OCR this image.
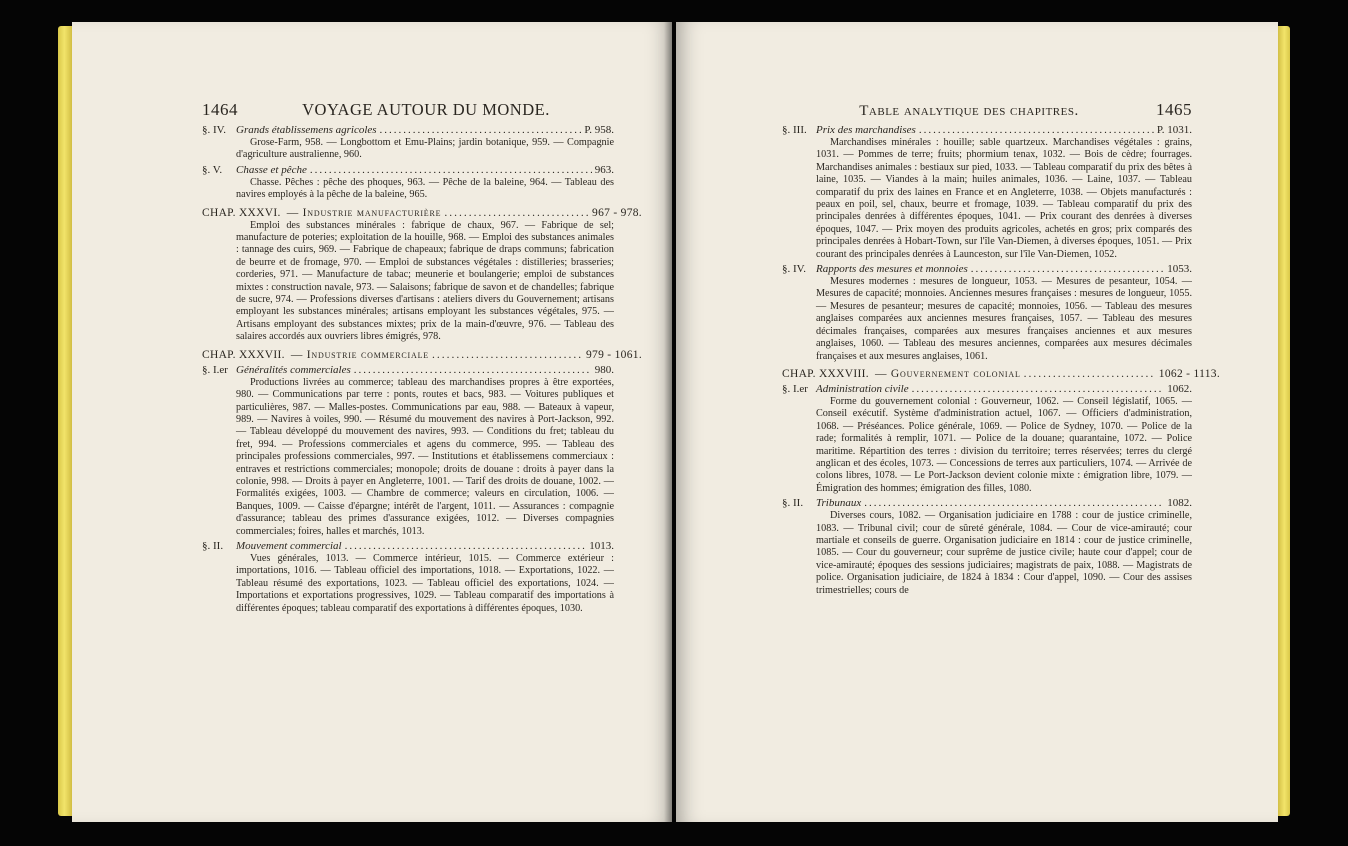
1464	VOYAGE AUTOUR DU MONDE.
§. IV. Grands établissemens agricoles .....	P. 958.

Grose-Farm, 958. — Longbottom et Emu-Plains; jardin botanique, 959. — Compagnie d'agriculture australienne, 960.

§. V.	Chasse et pêche .....	963.

Chasse. Pêches : pêche des phoques, 963. — Pêche de la baleine, 964. — Tableau des navires employés à la pêche de la baleine, 965.

CHAP. XXXVI. — Industrie manufacturière .....	967 - 978.

Emploi des substances minérales : fabrique de chaux, 967. — Fabrique de sel; manufacture de poteries; exploitation de la houille, 968. — Emploi des substances animales : tannage des cuirs, 969. — Fabrique de chapeaux; fabrique de draps communs; fabrication de beurre et de fromage, 970. — Emploi de substances végétales : distilleries; brasseries; corderies, 971. — Manufacture de tabac; meunerie et boulangerie; emploi de substances mixtes : construction navale, 973. — Salaisons; fabrique de savon et de chandelles; fabrique de sucre, 974. — Professions diverses d'artisans : ateliers divers du Gouvernement; artisans employant les substances minérales; artisans employant les substances végétales, 975. — Artisans employant des substances mixtes; prix de la main-d'œuvre, 976. — Tableau des salaires accordés aux ouvriers libres émigrés, 978.

CHAP. XXXVII. — Industrie commerciale .....	979 - 1061.
§. I.er Généralités commerciales .....	980.

Productions livrées au commerce; tableau des marchandises propres à être exportées, 980. — Communications par terre : ponts, routes et bacs, 983. — Voitures publiques et particulières, 987. — Malles-postes. Communications par eau, 988. — Bateaux à vapeur, 989. — Navires à voiles, 990. — Résumé du mouvement des navires à Port-Jackson, 992. — Tableau développé du mouvement des navires, 993. — Conditions du fret; tableau du fret, 994. — Professions commerciales et agens du commerce, 995. — Tableau des principales professions commerciales, 997. — Institutions et établissemens commerciaux : entraves et restrictions commerciales; monopole; droits de douane : droits à payer dans la colonie, 998. — Droits à payer en Angleterre, 1001. — Tarif des droits de douane, 1002. — Formalités exigées, 1003. — Chambre de commerce; valeurs en circulation, 1006. — Banques, 1009. — Caisse d'épargne; intérêt de l'argent, 1011. — Assurances : compagnie d'assurance; tableau des primes d'assurance exigées, 1012. — Diverses compagnies commerciales; foires, halles et marchés, 1013.

§. II.	Mouvement commercial .....	1013.

Vues générales, 1013. — Commerce intérieur, 1015. — Commerce extérieur : importations, 1016. — Tableau officiel des importations, 1018. — Exportations, 1022. — Tableau résumé des exportations, 1023. — Tableau officiel des exportations, 1024. — Importations et exportations progressives, 1029. — Tableau comparatif des importations à différentes époques; tableau comparatif des exportations à différentes époques, 1030.

Table analytique des chapitres.	1465
§. III. Prix des marchandises .....	P. 1031.

Marchandises minérales : houille; sable quartzeux. Marchandises végétales : grains, 1031. — Pommes de terre; fruits; phormium tenax, 1032. — Bois de cèdre; fourrages. Marchandises animales : bestiaux sur pied, 1033. — Tableau comparatif du prix des bêtes à laine, 1035. — Viandes à la main; huiles animales, 1036. — Laine, 1037. — Tableau comparatif du prix des laines en France et en Angleterre, 1038. — Objets manufacturés : peaux en poil, sel, chaux, beurre et fromage, 1039. — Tableau comparatif du prix des principales denrées à différentes époques, 1041. — Prix courant des denrées à diverses époques, 1047. — Prix moyen des produits agricoles, achetés en gros; prix comparés des principales denrées à Hobart-Town, sur l'île Van-Diemen, à diverses époques, 1051. — Prix courant des principales denrées à Launceston, sur l'île Van-Diemen, 1052.

§. IV. Rapports des mesures et monnoies .....	1053.

Mesures modernes : mesures de longueur, 1053. — Mesures de pesanteur, 1054. — Mesures de capacité; monnoies. Anciennes mesures françaises : mesures de longueur, 1055. — Mesures de pesanteur; mesures de capacité; monnoies, 1056. — Tableau des mesures anglaises comparées aux anciennes mesures françaises, 1057. — Tableau des mesures décimales françaises, comparées aux mesures françaises anciennes et aux mesures anglaises, 1060. — Tableau des mesures anciennes, comparées aux mesures décimales françaises et aux mesures anglaises, 1061.

CHAP. XXXVIII. — Gouvernement colonial .....	1062 - 1113.
§. I.er Administration civile .....	1062.

Forme du gouvernement colonial : Gouverneur, 1062. — Conseil législatif, 1065. — Conseil exécutif. Système d'administration actuel, 1067. — Officiers d'administration, 1068. — Préséances. Police générale, 1069. — Police de Sydney, 1070. — Police de la rade; formalités à remplir, 1071. — Police de la douane; quarantaine, 1072. — Police maritime. Répartition des terres : division du territoire; terres réservées; terres du clergé anglican et des écoles, 1073. — Concessions de terres aux particuliers, 1074. — Arrivée de colons libres, 1078. — Le Port-Jackson devient colonie mixte : émigration libre, 1079. — Émigration des hommes; émigration des filles, 1080.

§. II.	Tribunaux .....	1082.

Diverses cours, 1082. — Organisation judiciaire en 1788 : cour de justice criminelle, 1083. — Tribunal civil; cour de sûreté générale, 1084. — Cour de vice-amirauté; cour martiale et conseils de guerre. Organisation judiciaire en 1814 : cour de justice criminelle, 1085. — Cour du gouverneur; cour suprême de justice civile; haute cour d'appel; cour de vice-amirauté; époques des sessions judiciaires; magistrats de paix, 1088. — Magistrats de police. Organisation judiciaire, de 1824 à 1834 : Cour d'appel, 1090. — Cour des assises trimestrielles; cours de
